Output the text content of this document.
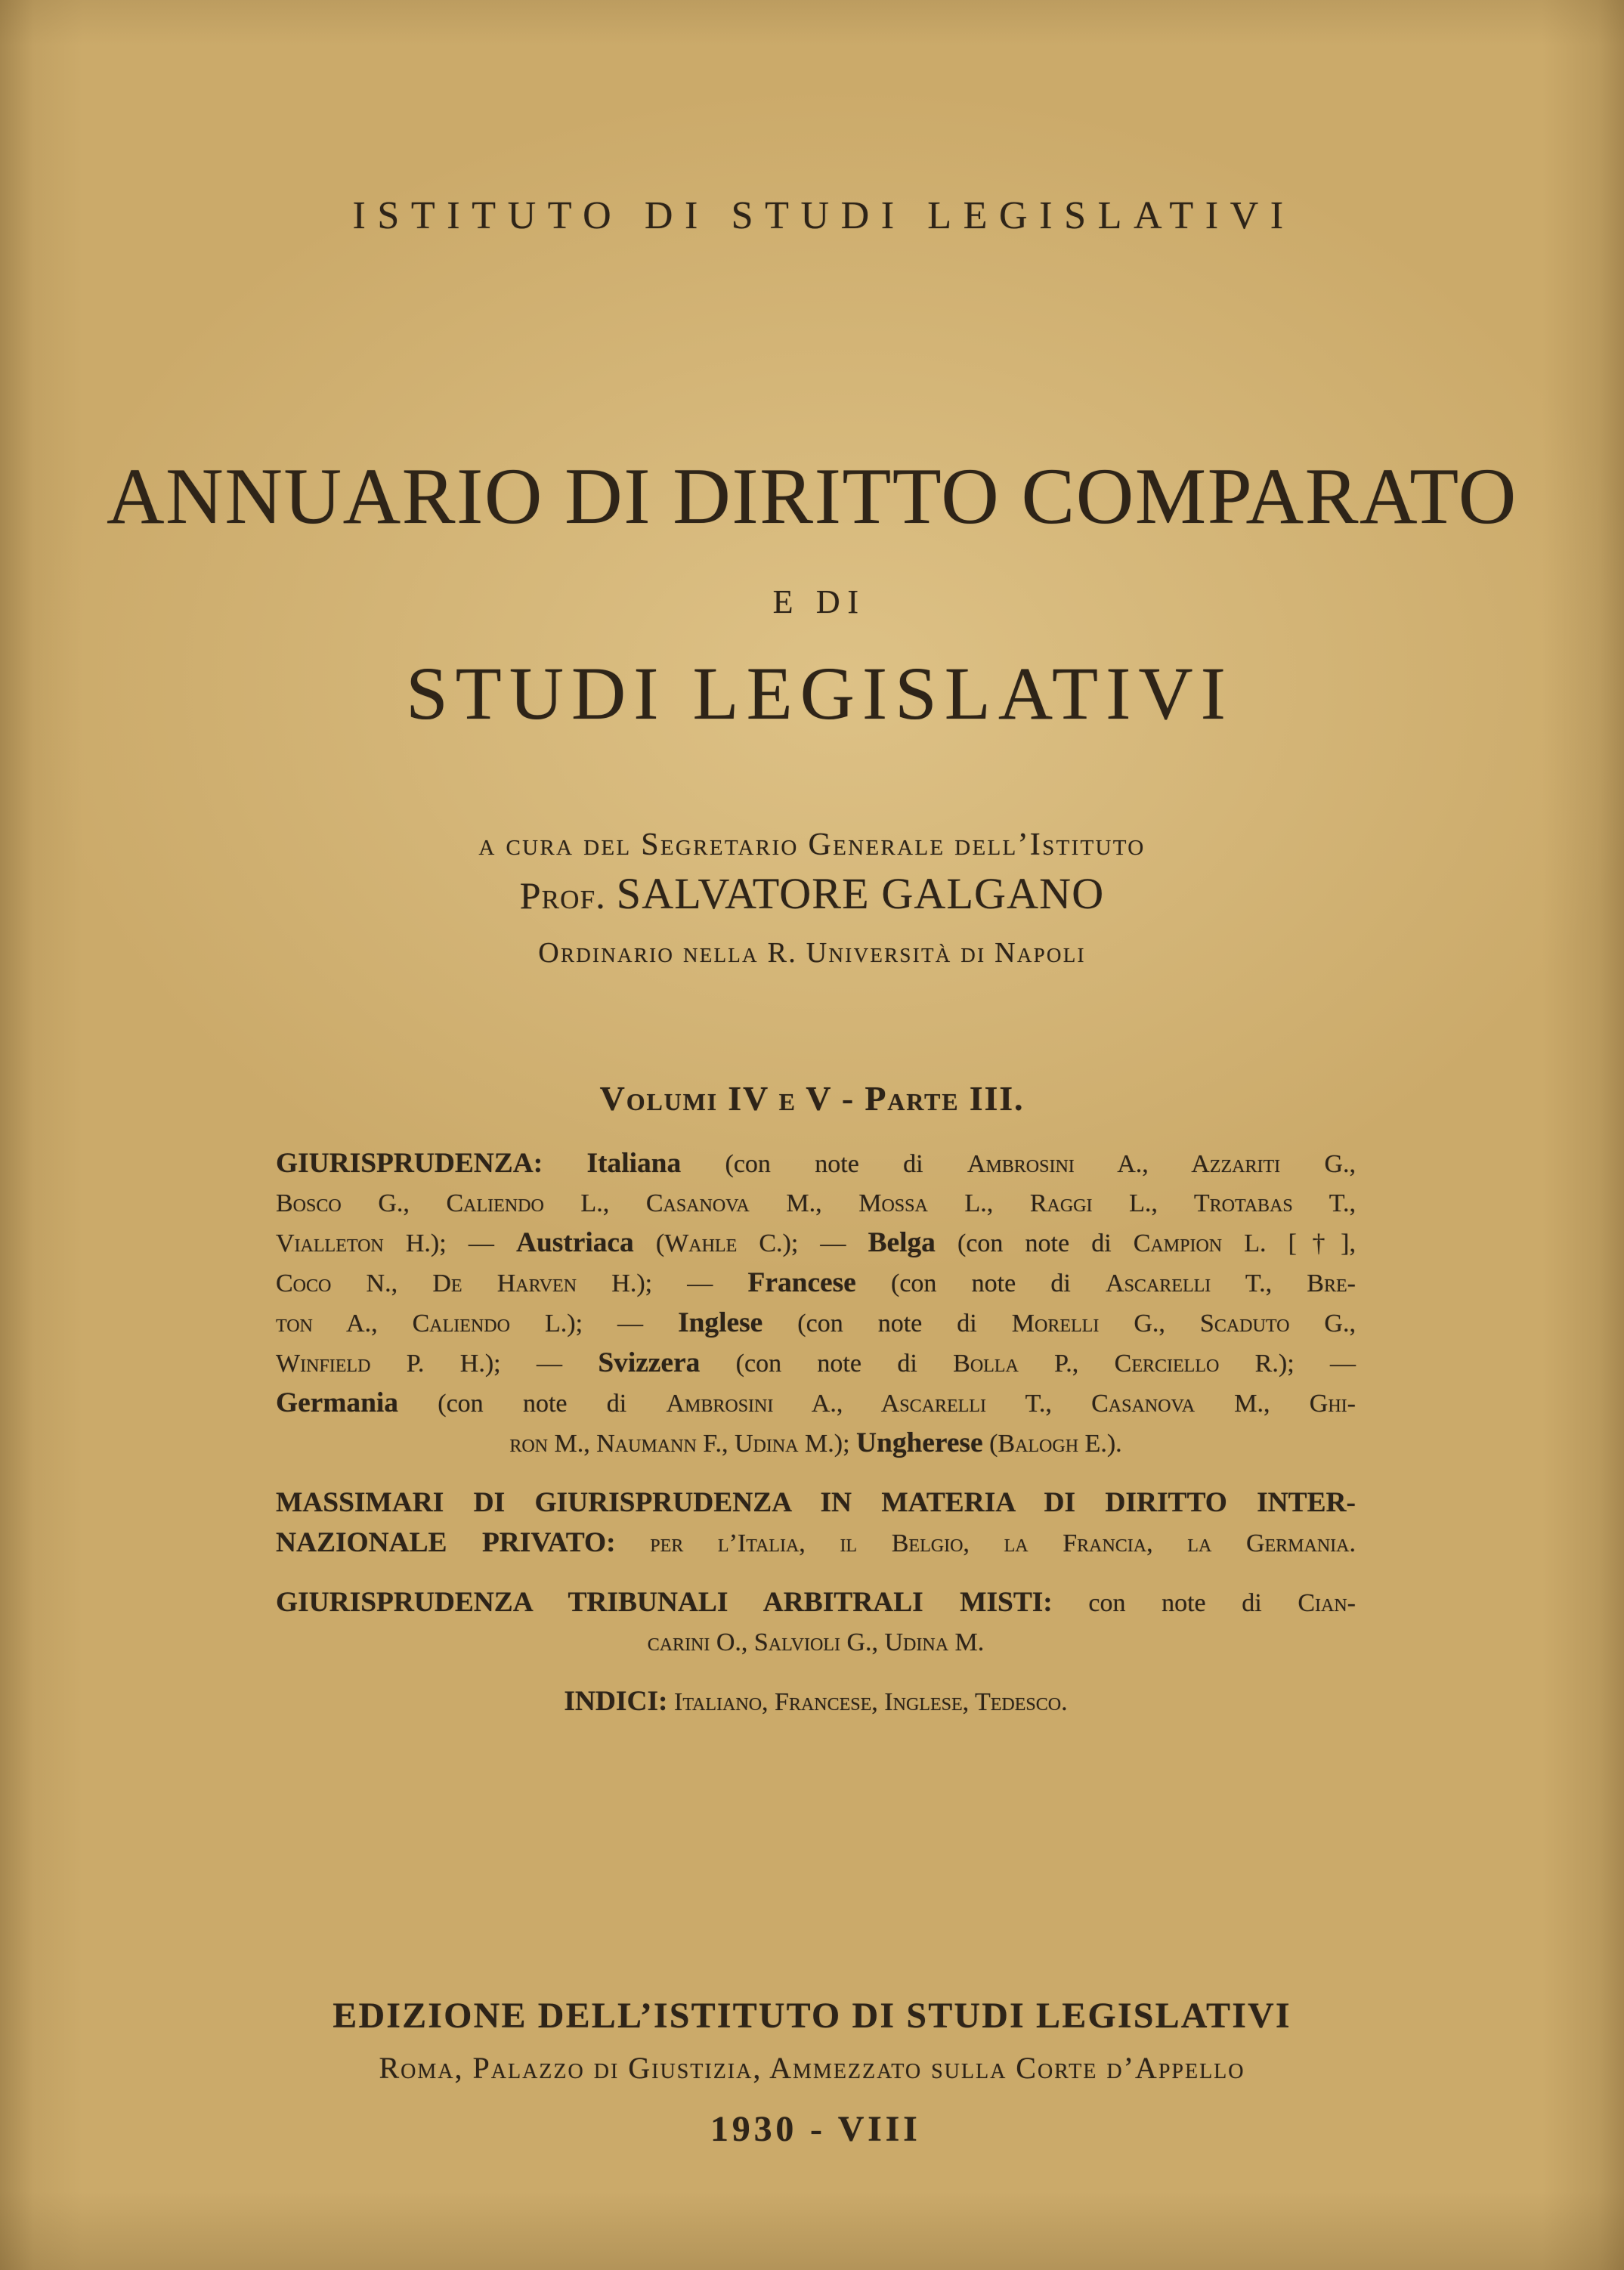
ISTITUTO DI STUDI LEGISLATIVI
ANNUARIO DI DIRITTO COMPARATO
E DI
STUDI LEGISLATIVI
a cura del Segretario Generale dell’Istituto
Prof. SALVATORE GALGANO
Ordinario nella R. Università di Napoli
Volumi IV e V - Parte III.
GIURISPRUDENZA: Italiana (con note di Ambrosini A., Azzariti G.,
Bosco G., Caliendo L., Casanova M., Mossa L., Raggi L., Trotabas T.,
Vialleton H.); — Austriaca (Wahle C.); — Belga (con note di Campion L. [†],
Coco N., De Harven H.); — Francese (con note di Ascarelli T., Bre-
ton A., Caliendo L.); — Inglese (con note di Morelli G., Scaduto G.,
Winfield P. H.); — Svizzera (con note di Bolla P., Cerciello R.); —
Germania (con note di Ambrosini A., Ascarelli T., Casanova M., Ghi-
ron M., Naumann F., Udina M.); Ungherese (Balogh E.).
MASSIMARI DI GIURISPRUDENZA IN MATERIA DI DIRITTO INTER-
NAZIONALE PRIVATO: per l’Italia, il Belgio, la Francia, la Germania.
GIURISPRUDENZA TRIBUNALI ARBITRALI MISTI: con note di Cian-
carini O., Salvioli G., Udina M.
INDICI: Italiano, Francese, Inglese, Tedesco.
EDIZIONE DELL’ISTITUTO DI STUDI LEGISLATIVI
Roma, Palazzo di Giustizia, Ammezzato sulla Corte d’Appello
1930 - VIII
